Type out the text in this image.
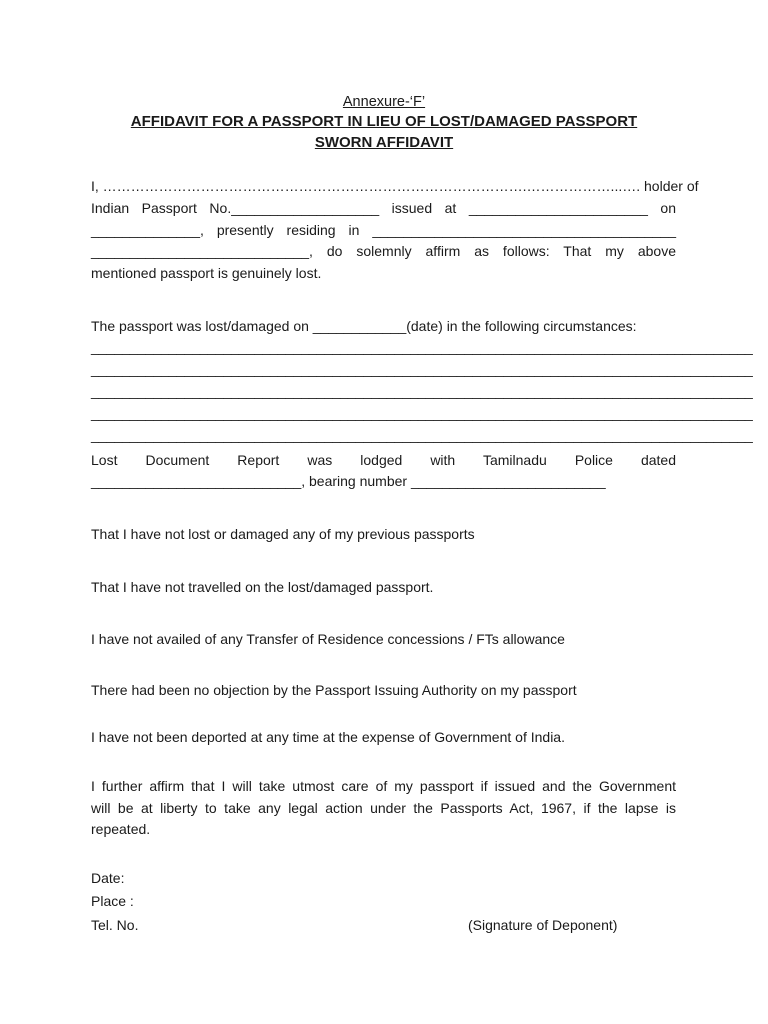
Annexure-‘F’
AFFIDAVIT FOR A PASSPORT IN LIEU OF LOST/DAMAGED PASSPORT
SWORN AFFIDAVIT
I, ……………………………………………………………………………….………………...…. holder of
Indian Passport No.___________________ issued at _______________________ on
______________, presently residing in _______________________________________
____________________________, do solemnly affirm as follows: That my above
mentioned passport is genuinely lost.
The passport was lost/damaged on ____________(date) in the following circumstances:
_____________________________________________________________________________________
_____________________________________________________________________________________
_____________________________________________________________________________________
_____________________________________________________________________________________
_____________________________________________________________________________________
Lost Document Report was lodged with Tamilnadu Police dated
___________________________, bearing number _________________________
That I have not lost or damaged any of my previous passports
That I have not travelled on the lost/damaged passport.
I have not availed of any Transfer of Residence concessions / FTs allowance
There had been no objection by the Passport Issuing Authority on my passport
I have not been deported at any time at the expense of Government of India.
I further affirm that I will take utmost care of my passport if issued and the Government
will be at liberty to take any legal action under the Passports Act, 1967, if the lapse is
repeated.
Date:
Place :
Tel. No.	(Signature of Deponent)
